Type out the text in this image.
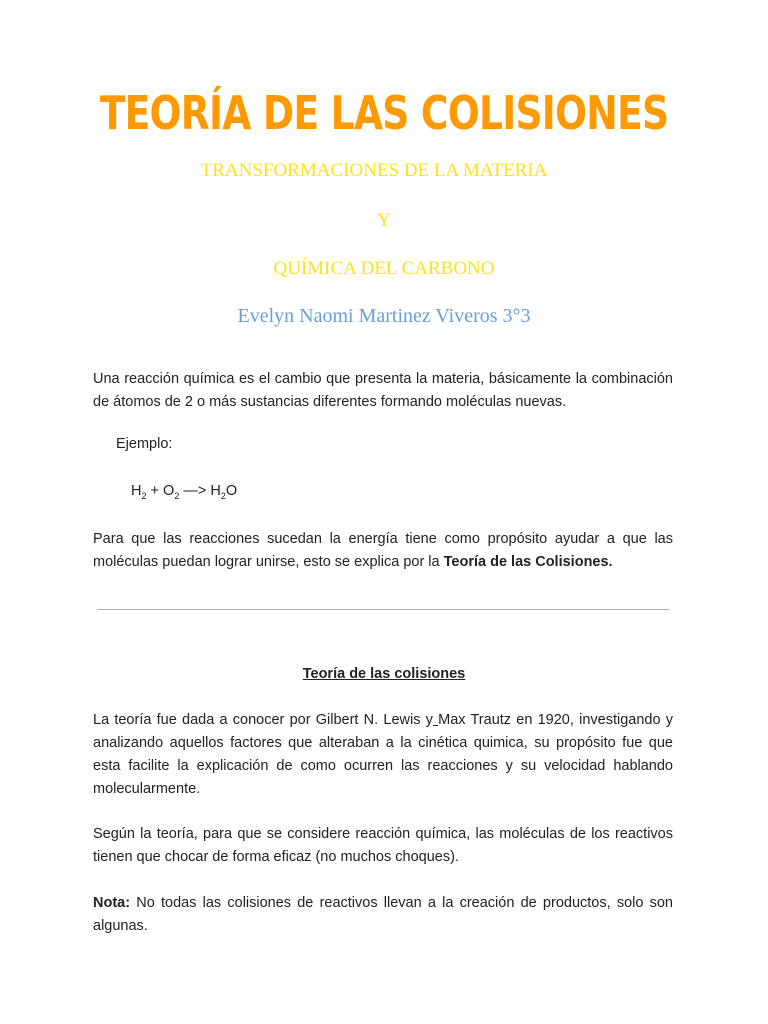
TEORÍA DE LAS COLISIONES

TRANSFORMACIONES DE LA MATERIA

Y

QUÍMICA DEL CARBONO

Evelyn Naomi Martinez Viveros 3°3

Una reacción química es el cambio que presenta la materia, básicamente la combinación de átomos de 2 o más sustancias diferentes formando moléculas nuevas.

Ejemplo:

$H_2 + O_2$ —> $H_2O$

Para que las reacciones sucedan la energía tiene como propósito ayudar a que las moléculas puedan lograr unirse, esto se explica por la Teoría de las Colisiones.

Teoría de las colisiones

La teoría fue dada a conocer por Gilbert N. Lewis y Max Trautz en 1920, investigando y analizando aquellos factores que alteraban a la cinética quimica, su propósito fue que esta facilite la explicación de como ocurren las reacciones y su velocidad hablando molecularmente.

Según la teoría, para que se considere reacción química, las moléculas de los reactivos tienen que chocar de forma eficaz (no muchos choques).

Nota: No todas las colisiones de reactivos llevan a la creación de productos, solo son algunas.
